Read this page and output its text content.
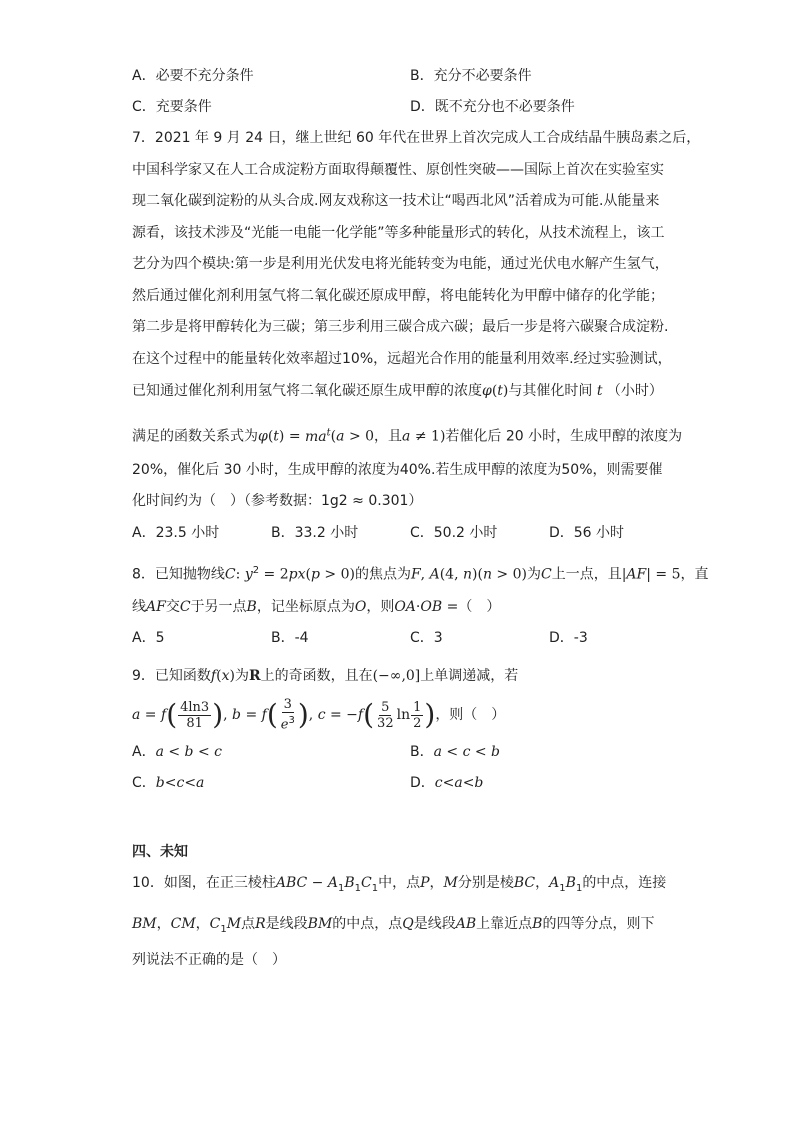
A．必要不充分条件	B．充分不必要条件
C．充要条件	D．既不充分也不必要条件
7．2021 年 9 月 24 日，继上世纪 60 年代在世界上首次完成人工合成结晶牛胰岛素之后，
中国科学家又在人工合成淀粉方面取得颠覆性、原创性突破——国际上首次在实验室实
现二氧化碳到淀粉的从头合成.网友戏称这一技术让“喝西北风”活着成为可能.从能量来
源看，该技术涉及“光能一电能一化学能”等多种能量形式的转化，从技术流程上，该工
艺分为四个模块:第一步是利用光伏发电将光能转变为电能，通过光伏电水解产生氢气，
然后通过催化剂利用氢气将二氧化碳还原成甲醇，将电能转化为甲醇中储存的化学能；
第二步是将甲醇转化为三碳；第三步利用三碳合成六碳；最后一步是将六碳聚合成淀粉.
在这个过程中的能量转化效率超过10%，远超光合作用的能量利用效率.经过实验测试，
已知通过催化剂利用氢气将二氧化碳还原生成甲醇的浓度φ(t)与其催化时间 t （小时）
满足的函数关系式为$\varphi(t) = ma^t(a > 0$，且a ≠ 1)若催化后 20 小时，生成甲醇的浓度为
20%，催化后 30 小时，生成甲醇的浓度为40%.若生成甲醇的浓度为50%，则需要催
化时间约为（　）（参考数据：1g2 ≈ 0.301）
A．23.5 小时	B．33.2 小时	C．50.2 小时	D．56 小时
8．已知抛物线C: $y^2 = 2px(p > 0)$的焦点为F, A(4, n)(n > 0)为C上一点，且|AF| = 5，直
线AF交C于另一点B，记坐标原点为O，则OA·OB =（　）
A．5	B．-4	C．3	D．-3
9．已知函数f(x)为R上的奇函数，且在(−∞,0]上单调递减，若
$a = f( \frac{4\ln 3}{81}$ ), $b = f( \frac{3}{e^3}$ ), $c = -f( \frac{5}{32}$ $\ln \frac{1}{2}$ )，则（　）
A．a < b < c	B．a < c < b
C．b<c<a	D．c<a<b
四、未知
10．如图，在正三棱柱ABC − $A_1B_1C_1$中，点P，M分别是棱BC，$A_1B_1$的中点，连接
BM，CM，$C_1M$点R是线段BM的中点，点Q是线段AB上靠近点B的四等分点，则下
列说法不正确的是（　）
